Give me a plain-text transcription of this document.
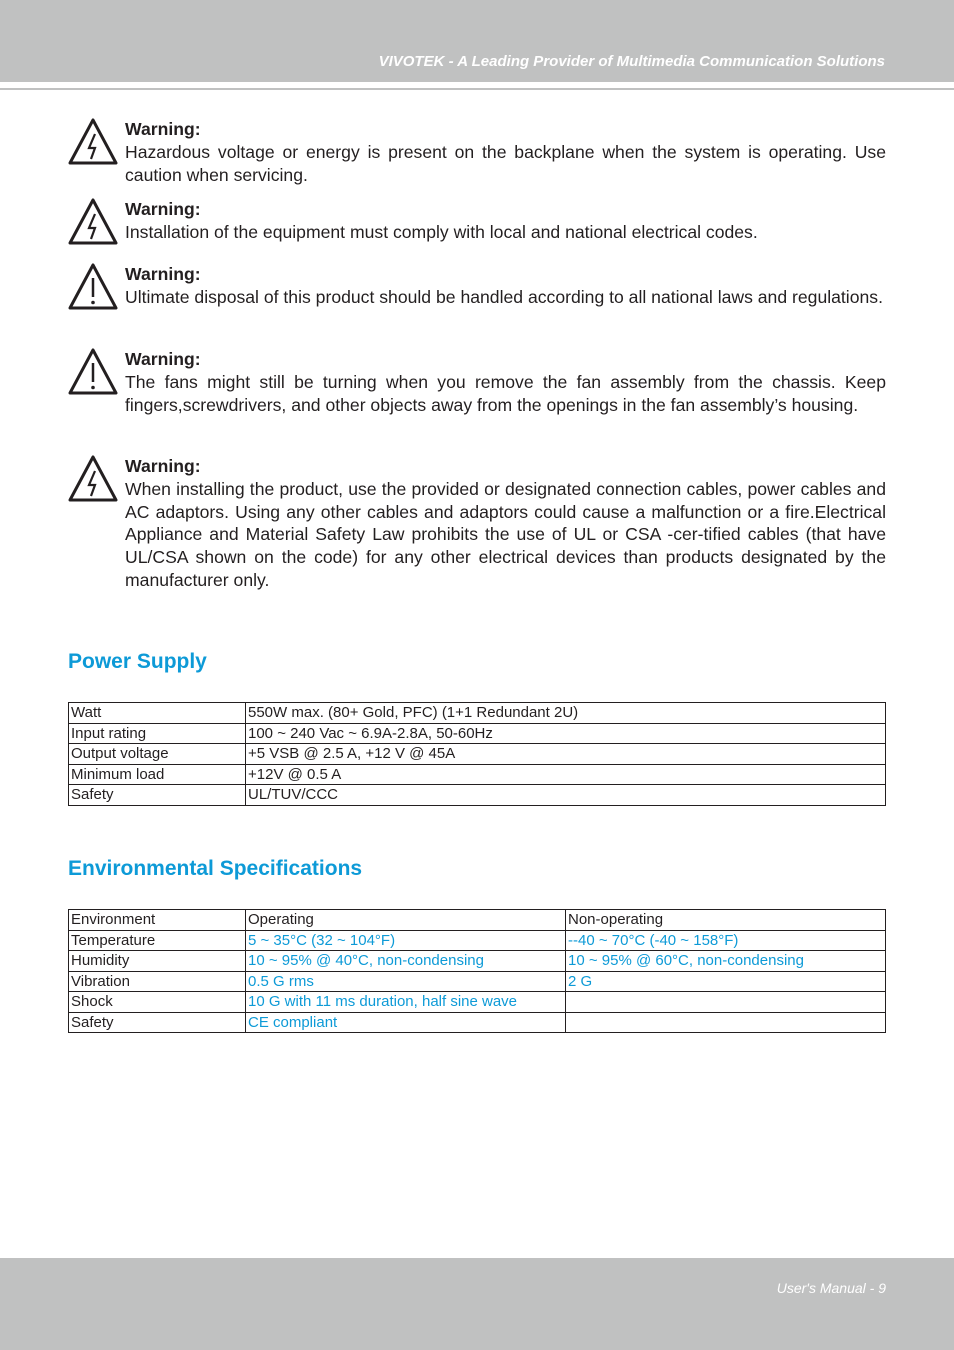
VIVOTEK - A Leading Provider of Multimedia Communication Solutions
Warning:
Hazardous voltage or energy is present on the backplane when the system is operating. Use caution when servicing.
Warning:
Installation of the equipment must comply with local and national electrical codes.
Warning:
Ultimate disposal of this product should be handled according to all national laws and regulations.
Warning:
The fans might still be turning when you remove the fan assembly from the chassis. Keep fingers,screwdrivers, and other objects away from the openings in the fan assembly’s housing.
Warning:
When installing the product, use the provided or designated connection cables, power cables and AC adaptors. Using any other cables and adaptors could cause a malfunction or a fire.Electrical Appliance and Material Safety Law prohibits the use of UL or CSA -cer-tified cables (that have UL/CSA shown on the code) for any other electrical devices than products designated by the manufacturer only.
Power Supply
Watt	550W max. (80+ Gold, PFC) (1+1 Redundant 2U)
Input rating	100 ~ 240 Vac ~ 6.9A-2.8A, 50-60Hz
Output voltage	+5 VSB @ 2.5 A, +12 V @ 45A
Minimum load	+12V @ 0.5 A
Safety	UL/TUV/CCC
Environmental Specifications
Environment	Operating	Non-operating
Temperature	5 ~ 35°C (32 ~ 104°F)	--40 ~ 70°C (-40 ~ 158°F)
Humidity	10 ~ 95% @ 40°C, non-condensing	10 ~ 95% @ 60°C, non-condensing
Vibration	0.5 G rms	2 G
Shock	10 G with 11 ms duration, half sine wave	
Safety	CE compliant	
User's Manual - 9
